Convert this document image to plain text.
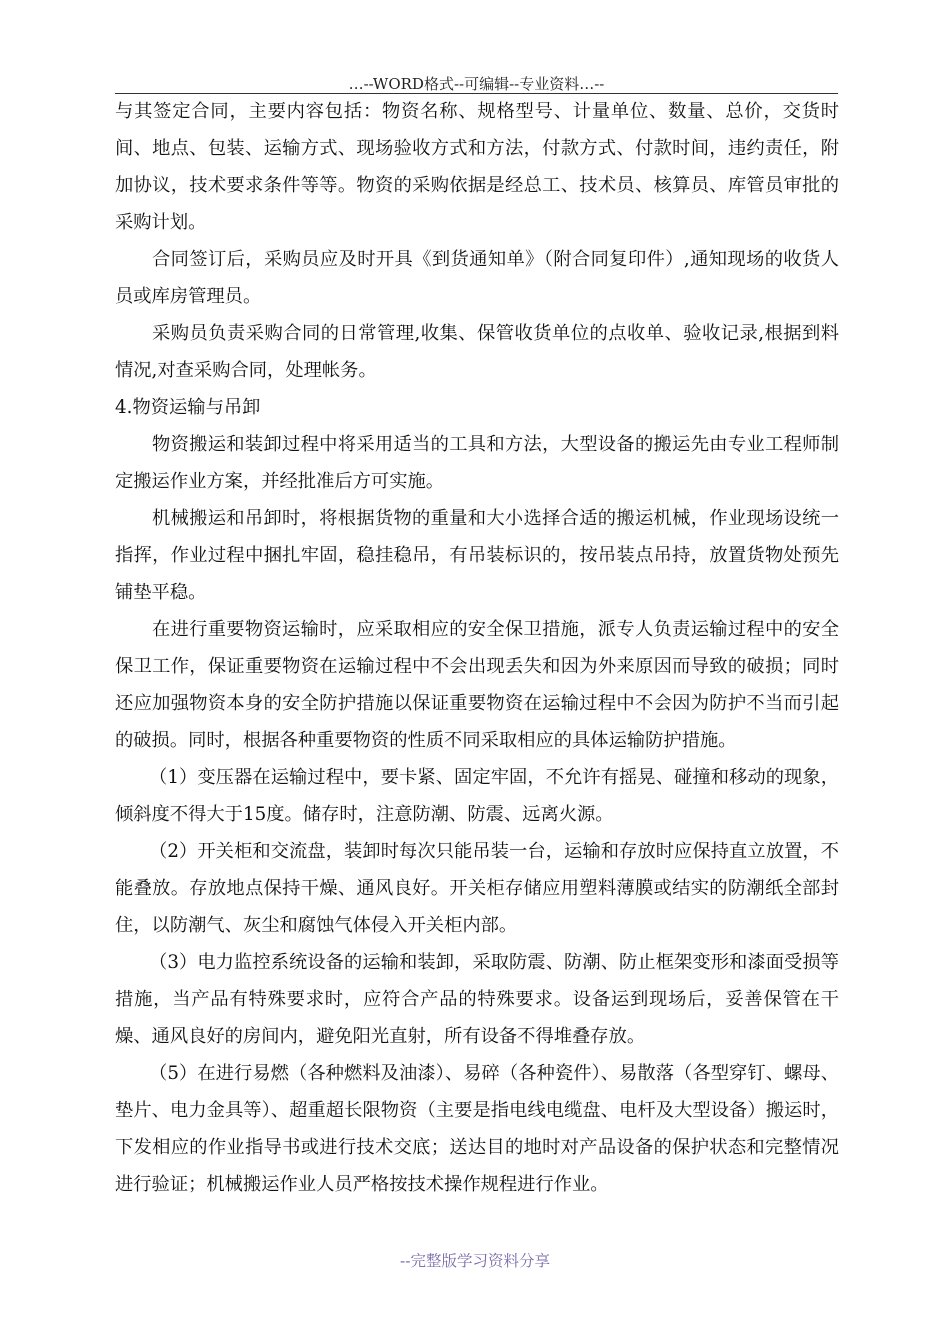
…--WORD格式--可编辑--专业资料…--

与其签定合同，主要内容包括：物资名称、规格型号、计量单位、数量、总价，交货时间、地点、包装、运输方式、现场验收方式和方法，付款方式、付款时间，违约责任，附加协议，技术要求条件等等。物资的采购依据是经总工、技术员、核算员、库管员审批的采购计划。

合同签订后，采购员应及时开具《到货通知单》（附合同复印件）,通知现场的收货人员或库房管理员。

采购员负责采购合同的日常管理,收集、保管收货单位的点收单、验收记录,根据到料情况,对查采购合同，处理帐务。

4.物资运输与吊卸

物资搬运和装卸过程中将采用适当的工具和方法，大型设备的搬运先由专业工程师制定搬运作业方案，并经批准后方可实施。

机械搬运和吊卸时，将根据货物的重量和大小选择合适的搬运机械，作业现场设统一指挥，作业过程中捆扎牢固，稳挂稳吊，有吊装标识的，按吊装点吊持，放置货物处预先铺垫平稳。

在进行重要物资运输时，应采取相应的安全保卫措施，派专人负责运输过程中的安全保卫工作，保证重要物资在运输过程中不会出现丢失和因为外来原因而导致的破损；同时还应加强物资本身的安全防护措施以保证重要物资在运输过程中不会因为防护不当而引起的破损。同时，根据各种重要物资的性质不同采取相应的具体运输防护措施。

（1）变压器在运输过程中，要卡紧、固定牢固，不允许有摇晃、碰撞和移动的现象，倾斜度不得大于15度。储存时，注意防潮、防震、远离火源。

（2）开关柜和交流盘，装卸时每次只能吊装一台，运输和存放时应保持直立放置，不能叠放。存放地点保持干燥、通风良好。开关柜存储应用塑料薄膜或结实的防潮纸全部封住，以防潮气、灰尘和腐蚀气体侵入开关柜内部。

（3）电力监控系统设备的运输和装卸，采取防震、防潮、防止框架变形和漆面受损等措施，当产品有特殊要求时，应符合产品的特殊要求。设备运到现场后，妥善保管在干燥、通风良好的房间内，避免阳光直射，所有设备不得堆叠存放。

（5）在进行易燃（各种燃料及油漆）、易碎（各种瓷件）、易散落（各型穿钉、螺母、垫片、电力金具等）、超重超长限物资（主要是指电线电缆盘、电杆及大型设备）搬运时，下发相应的作业指导书或进行技术交底；送达目的地时对产品设备的保护状态和完整情况进行验证；机械搬运作业人员严格按技术操作规程进行作业。

--完整版学习资料分享
